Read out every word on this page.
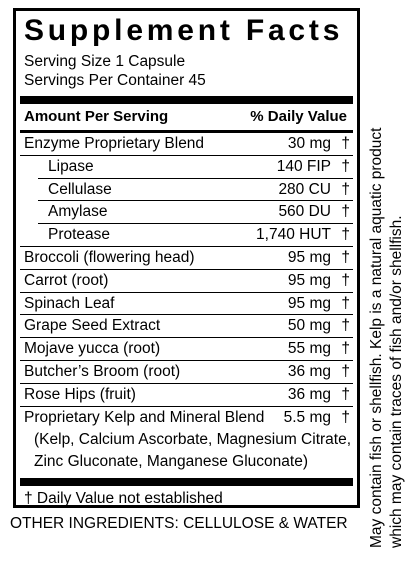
Supplement Facts
Serving Size 1 Capsule
Servings Per Container 45
Amount Per Serving	% Daily Value
Enzyme Proprietary Blend	30 mg †
Lipase	140 FIP †
Cellulase	280 CU †
Amylase	560 DU †
Protease	1,740 HUT †
Broccoli (flowering head)	95 mg †
Carrot (root)	95 mg †
Spinach Leaf	95 mg †
Grape Seed Extract	50 mg †
Mojave yucca (root)	55 mg †
Butcher’s Broom (root)	36 mg †
Rose Hips (fruit)	36 mg †
Proprietary Kelp and Mineral Blend 5.5 mg †
(Kelp, Calcium Ascorbate, Magnesium Citrate, Zinc Gluconate, Manganese Gluconate)
† Daily Value not established
OTHER INGREDIENTS: CELLULOSE & WATER May contain fish or shellfish. Kelp is a natural aquatic product which may contain traces of fish and/or shellfish.
